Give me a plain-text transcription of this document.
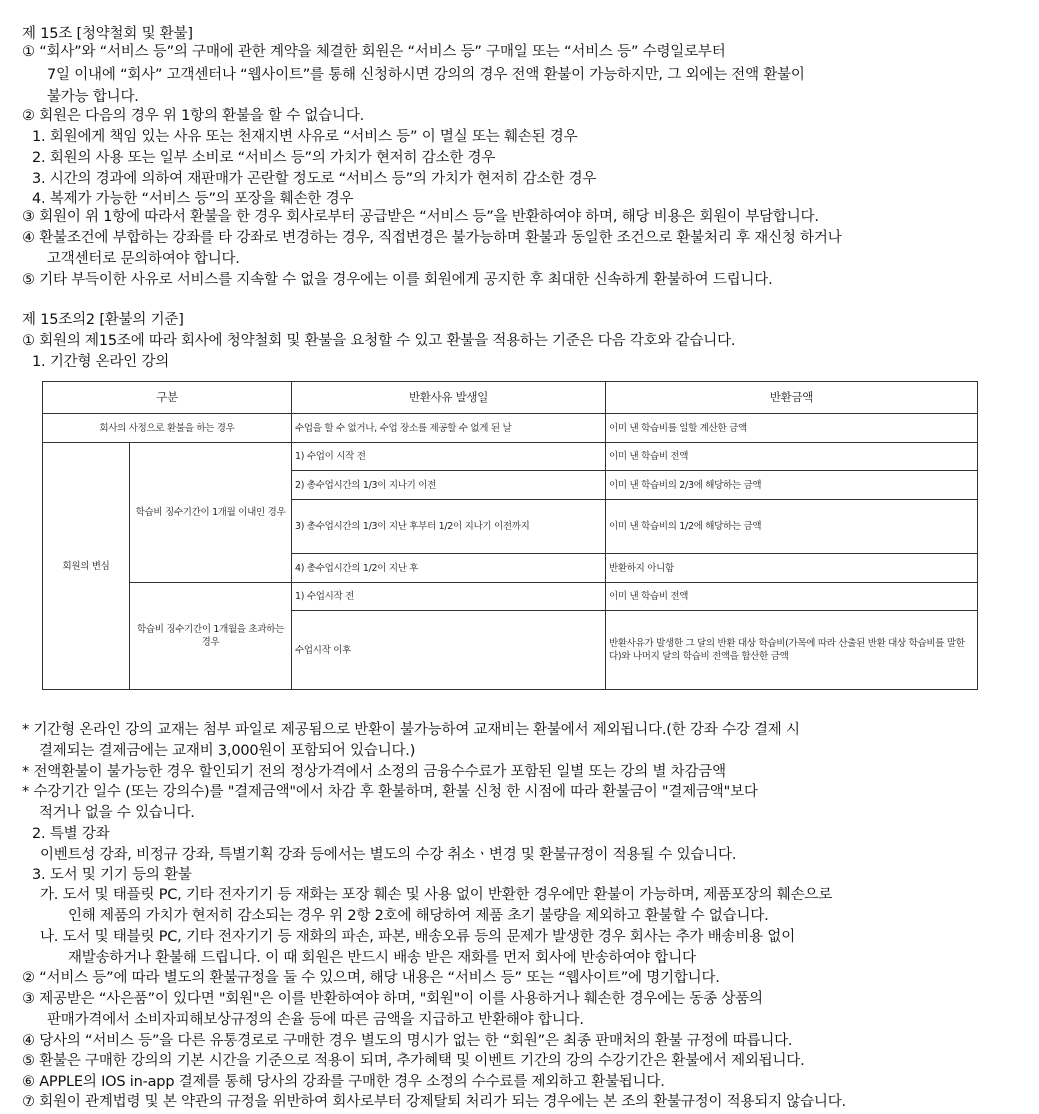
제 15조 [청약철회 및 환불]
① “회사”와 “서비스 등”의 구매에 관한 계약을 체결한 회원은 “서비스 등” 구매일 또는 “서비스 등” 수령일로부터
7일 이내에 “회사” 고객센터나 “웹사이트”를 통해 신청하시면 강의의 경우 전액 환불이 가능하지만, 그 외에는 전액 환불이
불가능 합니다.
② 회원은 다음의 경우 위 1항의 환불을 할 수 없습니다.
1. 회원에게 책임 있는 사유 또는 천재지변 사유로 “서비스 등” 이 멸실 또는 훼손된 경우
2. 회원의 사용 또는 일부 소비로 “서비스 등”의 가치가 현저히 감소한 경우
3. 시간의 경과에 의하여 재판매가 곤란할 정도로 “서비스 등”의 가치가 현저히 감소한 경우
4. 복제가 가능한 “서비스 등”의 포장을 훼손한 경우
③ 회원이 위 1항에 따라서 환불을 한 경우 회사로부터 공급받은 “서비스 등”을 반환하여야 하며, 해당 비용은 회원이 부담합니다.
④ 환불조건에 부합하는 강좌를 타 강좌로 변경하는 경우, 직접변경은 불가능하며 환불과 동일한 조건으로 환불처리 후 재신청 하거나
고객센터로 문의하여야 합니다.
⑤ 기타 부득이한 사유로 서비스를 지속할 수 없을 경우에는 이를 회원에게 공지한 후 최대한 신속하게 환불하여 드립니다.
제 15조의2 [환불의 기준]
① 회원의 제15조에 따라 회사에 청약철회 및 환불을 요청할 수 있고 환불을 적용하는 기준은 다음 각호와 같습니다.
1. 기간형 온라인 강의
구분		반환사유 발생일	반환금액
회사의 사정으로 환불을 하는 경우		수업을 할 수 없거나, 수업 장소를 제공할 수 없게 된 날	이미 낸 학습비를 일할 계산한 금액
회원의 변심	학습비 징수기간이 1개월 이내인 경우	1) 수업이 시작 전	이미 낸 학습비 전액
		2) 총수업시간의 1/3이 지나기 이전	이미 낸 학습비의 2/3에 해당하는 금액
		3) 총수업시간의 1/3이 지난 후부터 1/2이 지나기 이전까지	이미 낸 학습비의 1/2에 해당하는 금액
		4) 총수업시간의 1/2이 지난 후	반환하지 아니함
	학습비 징수기간이 1개월을 초과하는 경우	1) 수업시작 전	이미 낸 학습비 전액
		수업시작 이후	반환사유가 발생한 그 달의 반환 대상 학습비(가목에 따라 산출된 반환 대상 학습비를 말한다)와 나머지 달의 학습비 전액을 합산한 금액
* 기간형 온라인 강의 교재는 첨부 파일로 제공됨으로 반환이 불가능하여 교재비는 환불에서 제외됩니다.(한 강좌 수강 결제 시
결제되는 결제금에는 교재비 3,000원이 포함되어 있습니다.)
* 전액환불이 불가능한 경우 할인되기 전의 정상가격에서 소정의 금융수수료가 포함된 일별 또는 강의 별 차감금액
* 수강기간 일수 (또는 강의수)를 "결제금액"에서 차감 후 환불하며, 환불 신청 한 시점에 따라 환불금이 "결제금액"보다
적거나 없을 수 있습니다.
2. 특별 강좌
이벤트성 강좌, 비정규 강좌, 특별기획 강좌 등에서는 별도의 수강 취소ㆍ변경 및 환불규정이 적용될 수 있습니다.
3. 도서 및 기기 등의 환불
가. 도서 및 태플릿 PC, 기타 전자기기 등 재화는 포장 훼손 및 사용 없이 반환한 경우에만 환불이 가능하며, 제품포장의 훼손으로
인해 제품의 가치가 현저히 감소되는 경우 위 2항 2호에 해당하여 제품 초기 불량을 제외하고 환불할 수 없습니다.
나. 도서 및 태블릿 PC, 기타 전자기기 등 재화의 파손, 파본, 배송오류 등의 문제가 발생한 경우 회사는 추가 배송비용 없이
재발송하거나 환불해 드립니다. 이 때 회원은 반드시 배송 받은 재화를 먼저 회사에 반송하여야 합니다
② “서비스 등”에 따라 별도의 환불규정을 둘 수 있으며, 해당 내용은 “서비스 등” 또는 “웹사이트”에 명기합니다.
③ 제공받은 “사은품”이 있다면 "회원"은 이를 반환하여야 하며, "회원"이 이를 사용하거나 훼손한 경우에는 동종 상품의
판매가격에서 소비자피해보상규정의 손율 등에 따른 금액을 지급하고 반환해야 합니다.
④ 당사의 “서비스 등”을 다른 유통경로로 구매한 경우 별도의 명시가 없는 한 “회원”은 최종 판매처의 환불 규정에 따릅니다.
⑤ 환불은 구매한 강의의 기본 시간을 기준으로 적용이 되며, 추가혜택 및 이벤트 기간의 강의 수강기간은 환불에서 제외됩니다.
⑥ APPLE의 IOS in-app 결제를 통해 당사의 강좌를 구매한 경우 소정의 수수료를 제외하고 환불됩니다.
⑦ 회원이 관계법령 및 본 약관의 규정을 위반하여 회사로부터 강제탈퇴 처리가 되는 경우에는 본 조의 환불규정이 적용되지 않습니다.
